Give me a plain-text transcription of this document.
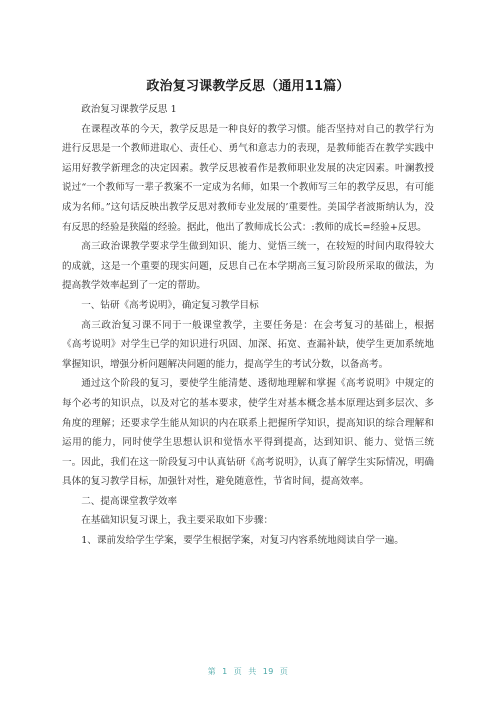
政治复习课教学反思（通用11篇）

政治复习课教学反思 1

在课程改革的今天，教学反思是一种良好的教学习惯。能否坚持对自己的教学行为进行反思是一个教师进取心、责任心、勇气和意志力的表现，是教师能否在教学实践中运用好教学新理念的决定因素。教学反思被看作是教师职业发展的决定因素。叶澜教授说过“一个教师写一辈子教案不一定成为名师，如果一个教师写三年的教学反思，有可能成为名师。”这句话反映出教学反思对教师专业发展的’重要性。美国学者波斯纳认为，没有反思的经验是狭隘的经验。据此，他出了教师成长公式：:教师的成长=经验+反思。

高三政治课教学要求学生做到知识、能力、觉悟三统一，在较短的时间内取得较大的成就，这是一个重要的现实问题，反思自己在本学期高三复习阶段所采取的做法，为提高教学效率起到了一定的帮助。

一、钻研《高考说明》，确定复习教学目标

高三政治复习课不同于一般课堂教学，主要任务是：在会考复习的基础上，根据《高考说明》对学生已学的知识进行巩固、加深、拓宽、查漏补缺，使学生更加系统地掌握知识，增强分析问题解决问题的能力，提高学生的考试分数，以备高考。

通过这个阶段的复习，要使学生能清楚、透彻地理解和掌握《高考说明》中规定的每个必考的知识点，以及对它的基本要求，使学生对基本概念基本原理达到多层次、多角度的理解；还要求学生能从知识的内在联系上把握所学知识，提高知识的综合理解和运用的能力，同时使学生思想认识和觉悟水平得到提高，达到知识、能力、觉悟三统一。因此，我们在这一阶段复习中认真钻研《高考说明》，认真了解学生实际情况，明确具体的复习教学目标，加强针对性，避免随意性，节省时间，提高效率。

二、提高课堂教学效率

在基础知识复习课上，我主要采取如下步骤：

1、课前发给学生学案，要学生根据学案，对复习内容系统地阅读自学一遍。

第 1 页 共 19 页
